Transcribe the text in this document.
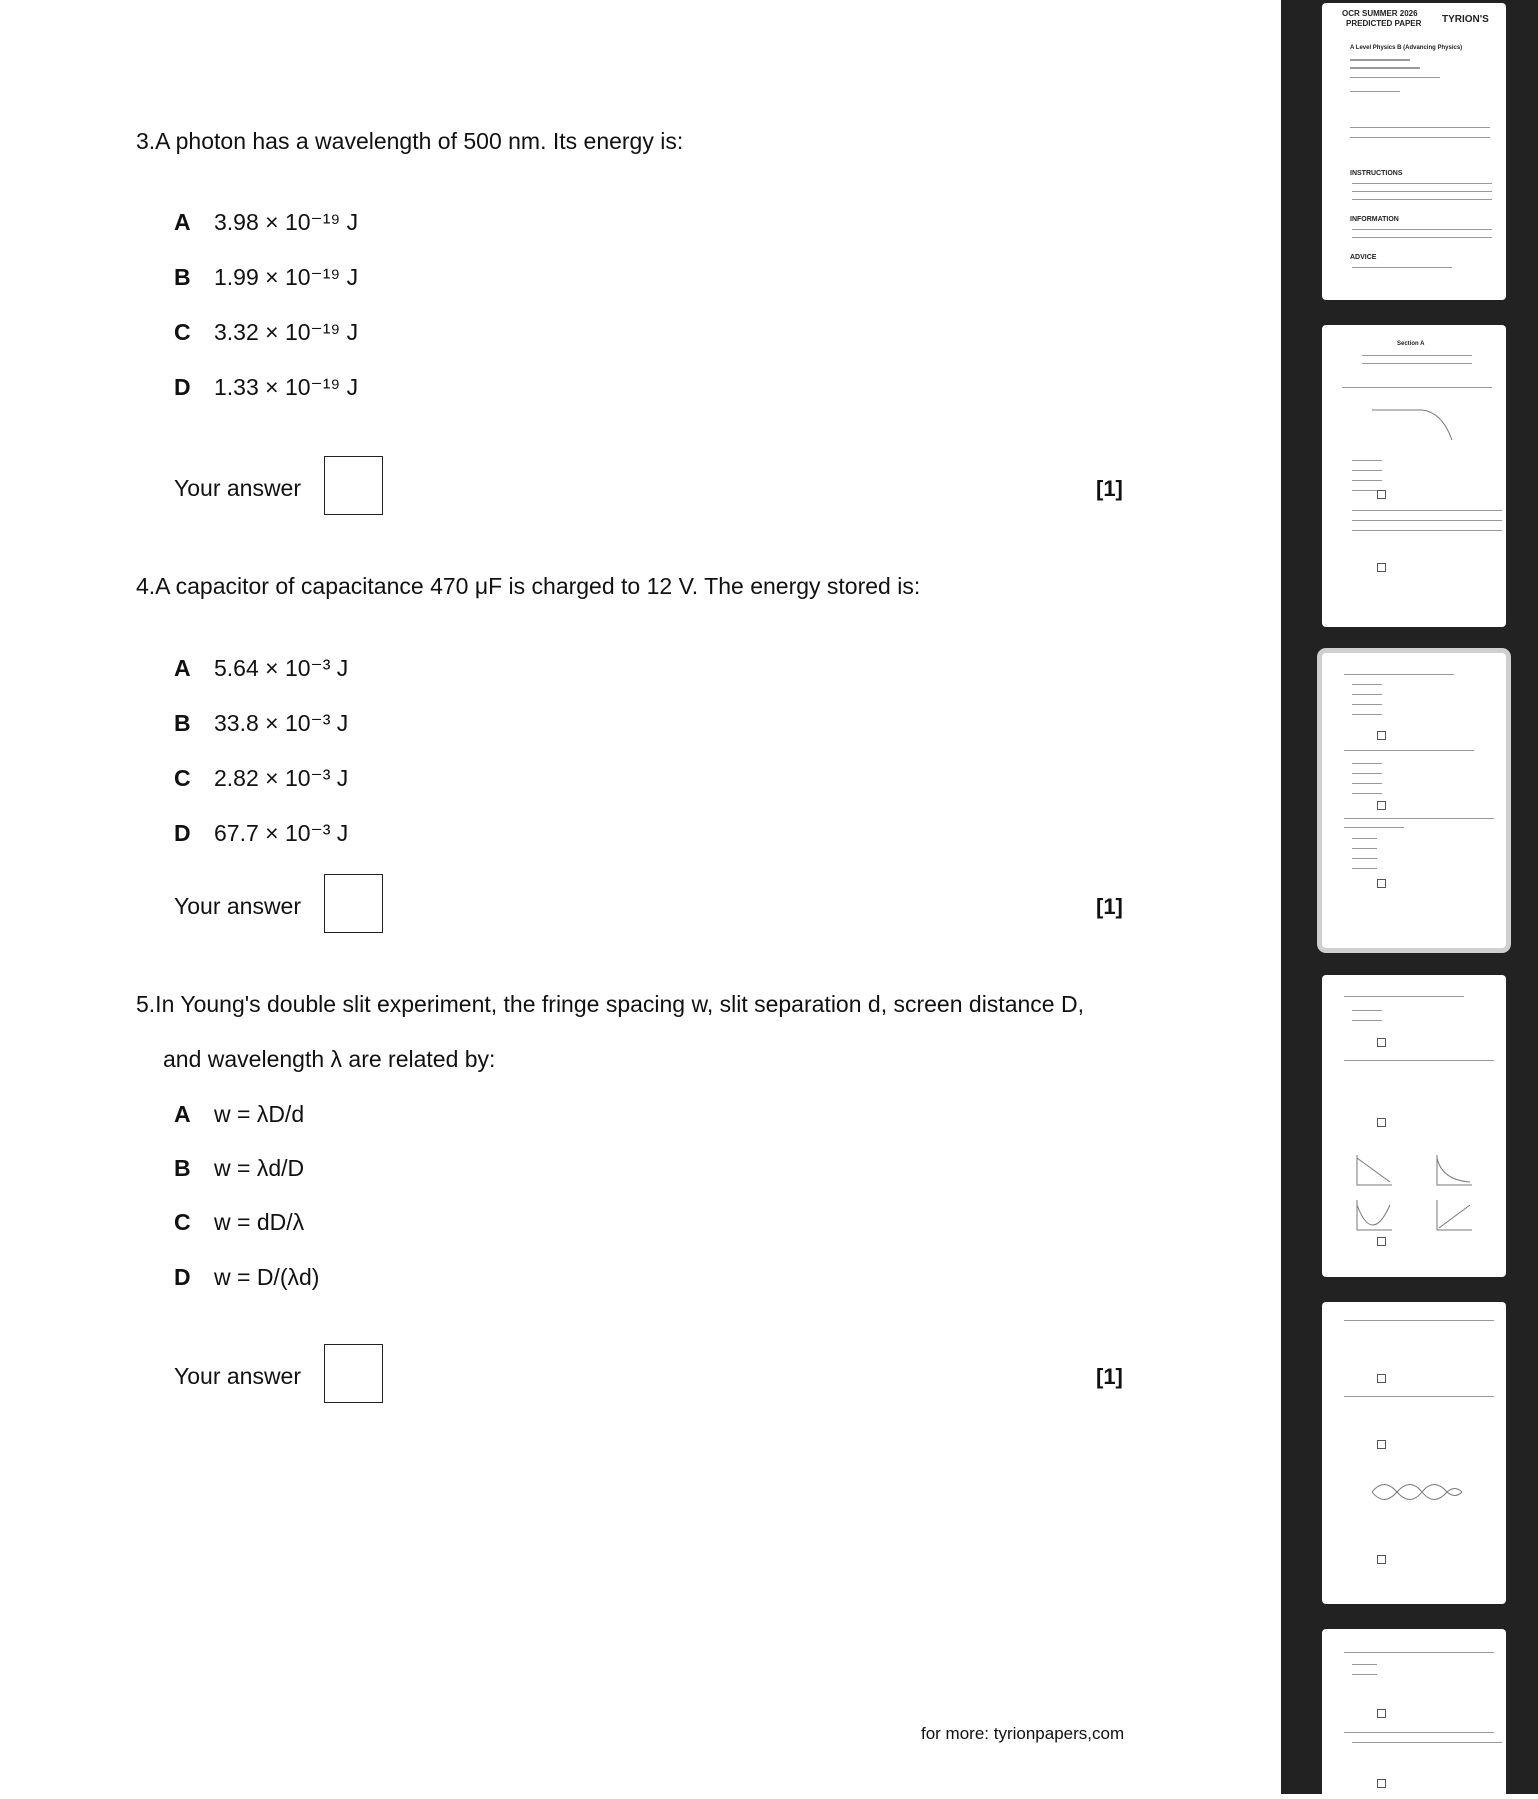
3.A photon has a wavelength of 500 nm. Its energy is:
A 3.98 × 10⁻¹⁹ J
B 1.99 × 10⁻¹⁹ J
C 3.32 × 10⁻¹⁹ J
D 1.33 × 10⁻¹⁹ J
Your answer	[1]
4.A capacitor of capacitance 470 μF is charged to 12 V. The energy stored is:
A 5.64 × 10⁻³ J
B 33.8 × 10⁻³ J
C 2.82 × 10⁻³ J
D 67.7 × 10⁻³ J
Your answer	[1]
5.In Young's double slit experiment, the fringe spacing w, slit separation d, screen distance D,
and wavelength λ are related by:
A w = λD/d
B w = λd/D
C w = dD/λ
D w = D/(λd)
Your answer	[1]
for more: tyrionpapers,com
OCR SUMMER 2026
PREDICTED PAPER TYRION'S
A Level Physics B (Advancing Physics)
INSTRUCTIONS
INFORMATION
ADVICE
Section A
